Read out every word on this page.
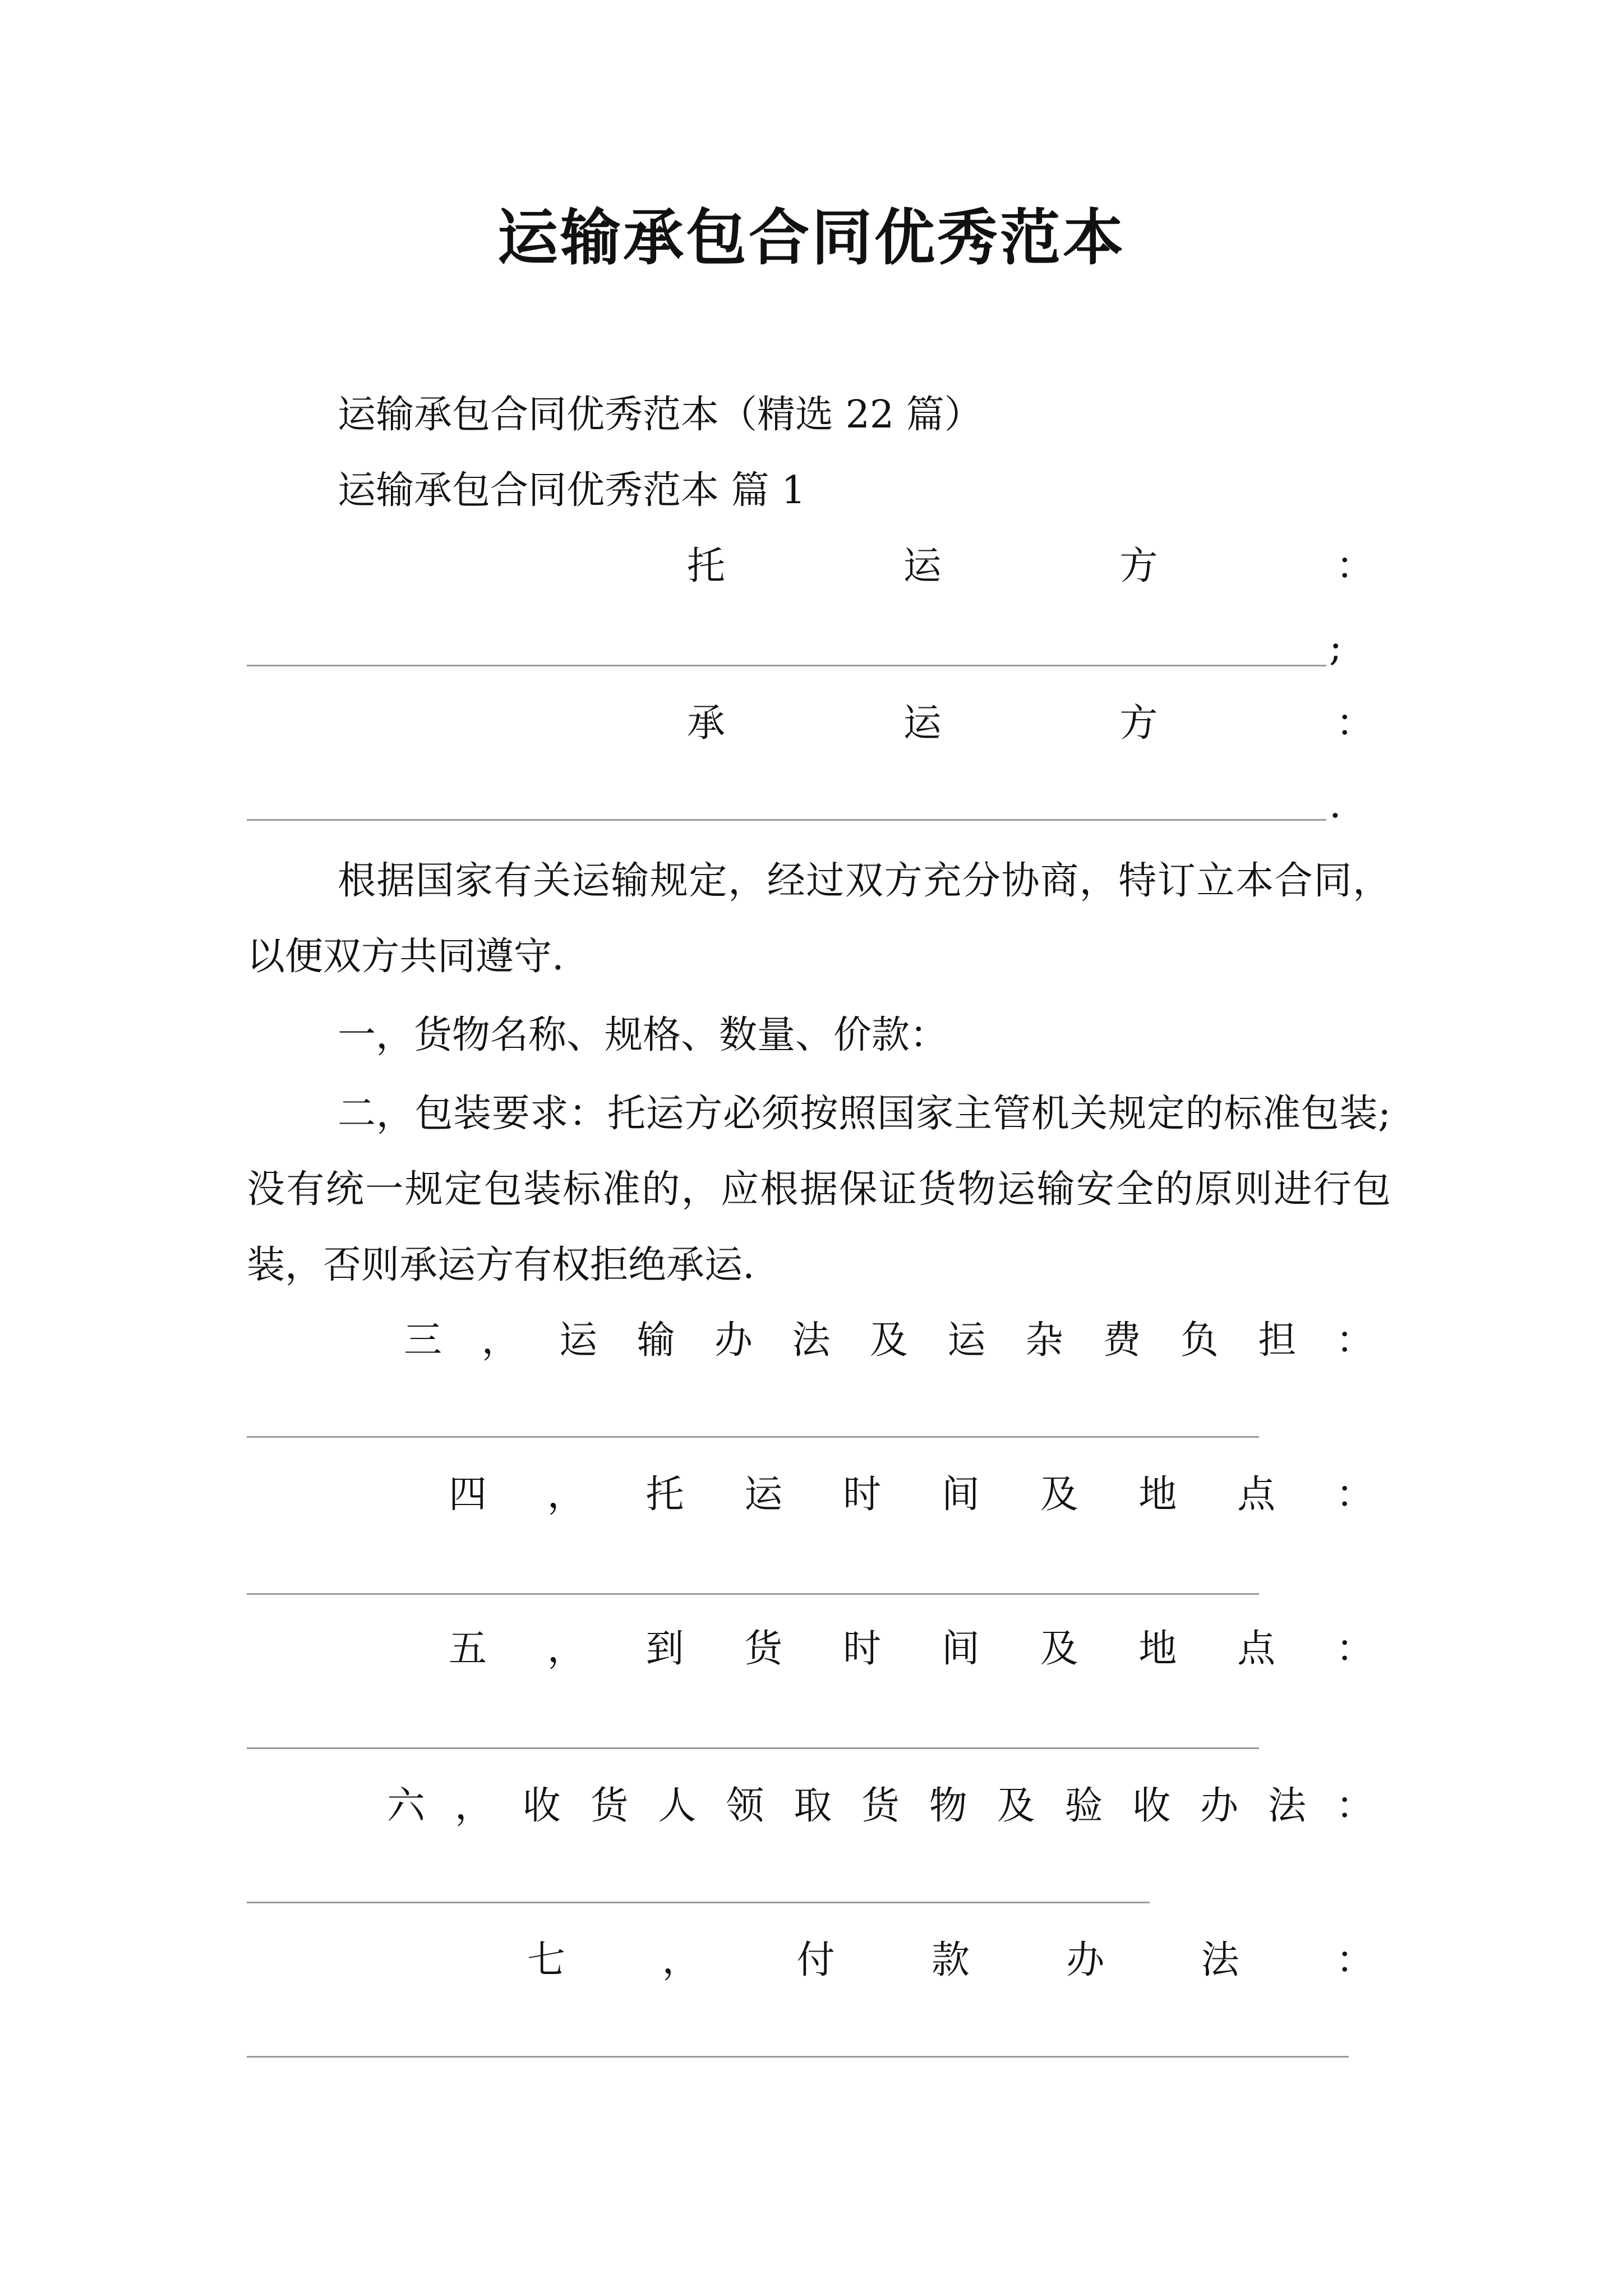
运输承包合同优秀范本

运输承包合同优秀范本（精选 22 篇）

运输承包合同优秀范本 篇 1

托	运	方	：
;
承	运	方	：
.

根据国家有关运输规定，经过双方充分协商，特订立本合同，以便双方共同遵守.

一，货物名称、规格、数量、价款：

二，包装要求：托运方必须按照国家主管机关规定的标准包装;没有统一规定包装标准的，应根据保证货物运输安全的原则进行包装，否则承运方有权拒绝承运.

三 ， 运 输 办 法 及 运 杂 费 负 担 ：
四 ， 托 运 时 间 及 地 点 ：
五 ， 到 货 时 间 及 地 点 ：
六 ， 收 货 人 领 取 货 物 及 验 收 办 法 ：
七	，	付	款	办	法	：
